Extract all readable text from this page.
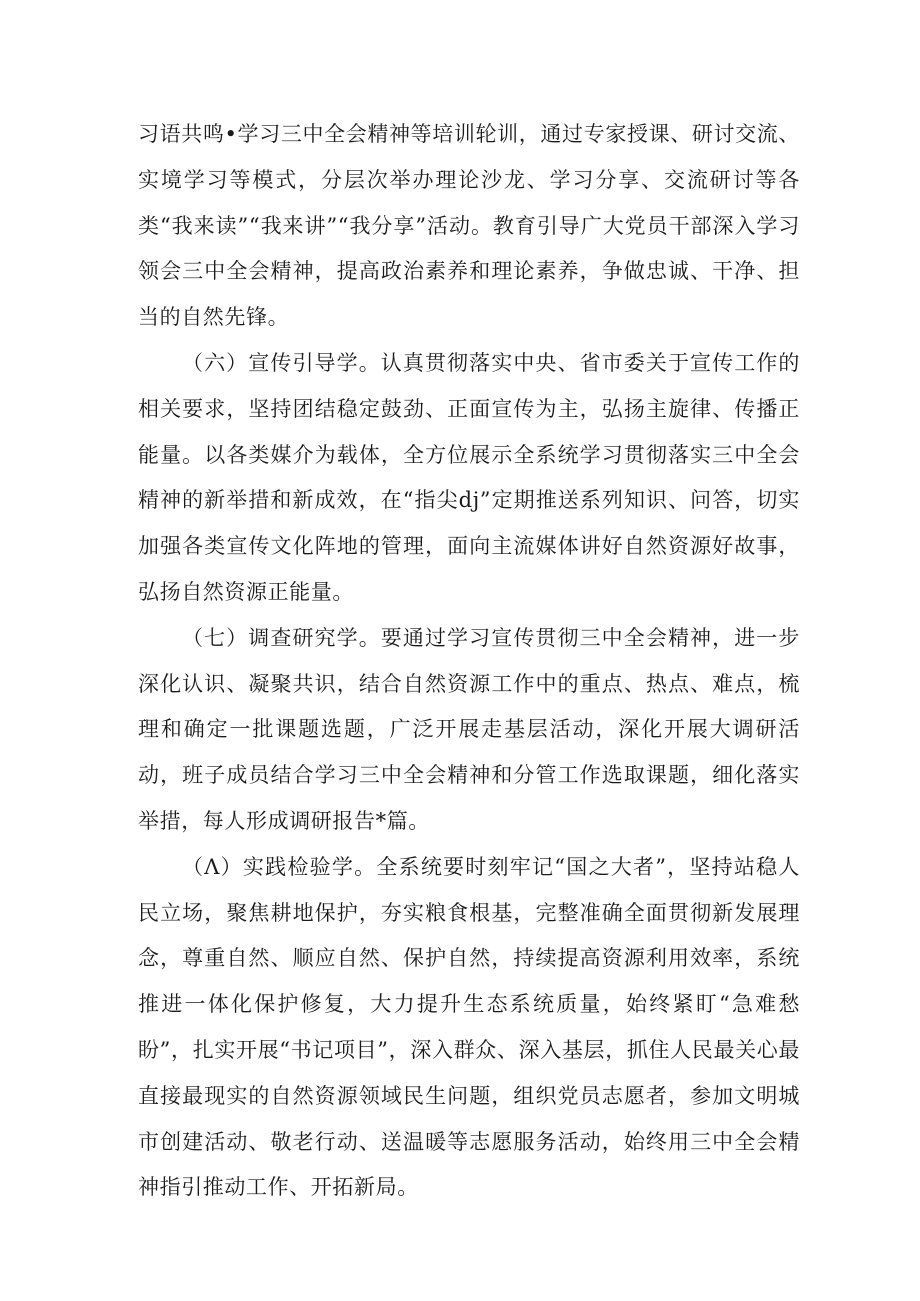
习语共鸣•学习三中全会精神等培训轮训，通过专家授课、研讨交流、实境学习等模式，分层次举办理论沙龙、学习分享、交流研讨等各类“我来读”“我来讲”“我分享”活动。教育引导广大党员干部深入学习领会三中全会精神，提高政治素养和理论素养，争做忠诚、干净、担当的自然先锋。

（六）宣传引导学。认真贯彻落实中央、省市委关于宣传工作的相关要求，坚持团结稳定鼓劲、正面宣传为主，弘扬主旋律、传播正能量。以各类媒介为载体，全方位展示全系统学习贯彻落实三中全会精神的新举措和新成效，在“指尖dj”定期推送系列知识、问答，切实加强各类宣传文化阵地的管理，面向主流媒体讲好自然资源好故事，弘扬自然资源正能量。

（七）调查研究学。要通过学习宣传贯彻三中全会精神，进一步深化认识、凝聚共识，结合自然资源工作中的重点、热点、难点，梳理和确定一批课题选题，广泛开展走基层活动，深化开展大调研活动，班子成员结合学习三中全会精神和分管工作选取课题，细化落实举措，每人形成调研报告*篇。

（Λ）实践检验学。全系统要时刻牢记“国之大者”，坚持站稳人民立场，聚焦耕地保护，夯实粮食根基，完整准确全面贯彻新发展理念，尊重自然、顺应自然、保护自然，持续提高资源利用效率，系统推进一体化保护修复，大力提升生态系统质量，始终紧盯“急难愁盼”，扎实开展“书记项目”，深入群众、深入基层，抓住人民最关心最直接最现实的自然资源领域民生问题，组织党员志愿者，参加文明城市创建活动、敬老行动、送温暖等志愿服务活动，始终用三中全会精神指引推动工作、开拓新局。
